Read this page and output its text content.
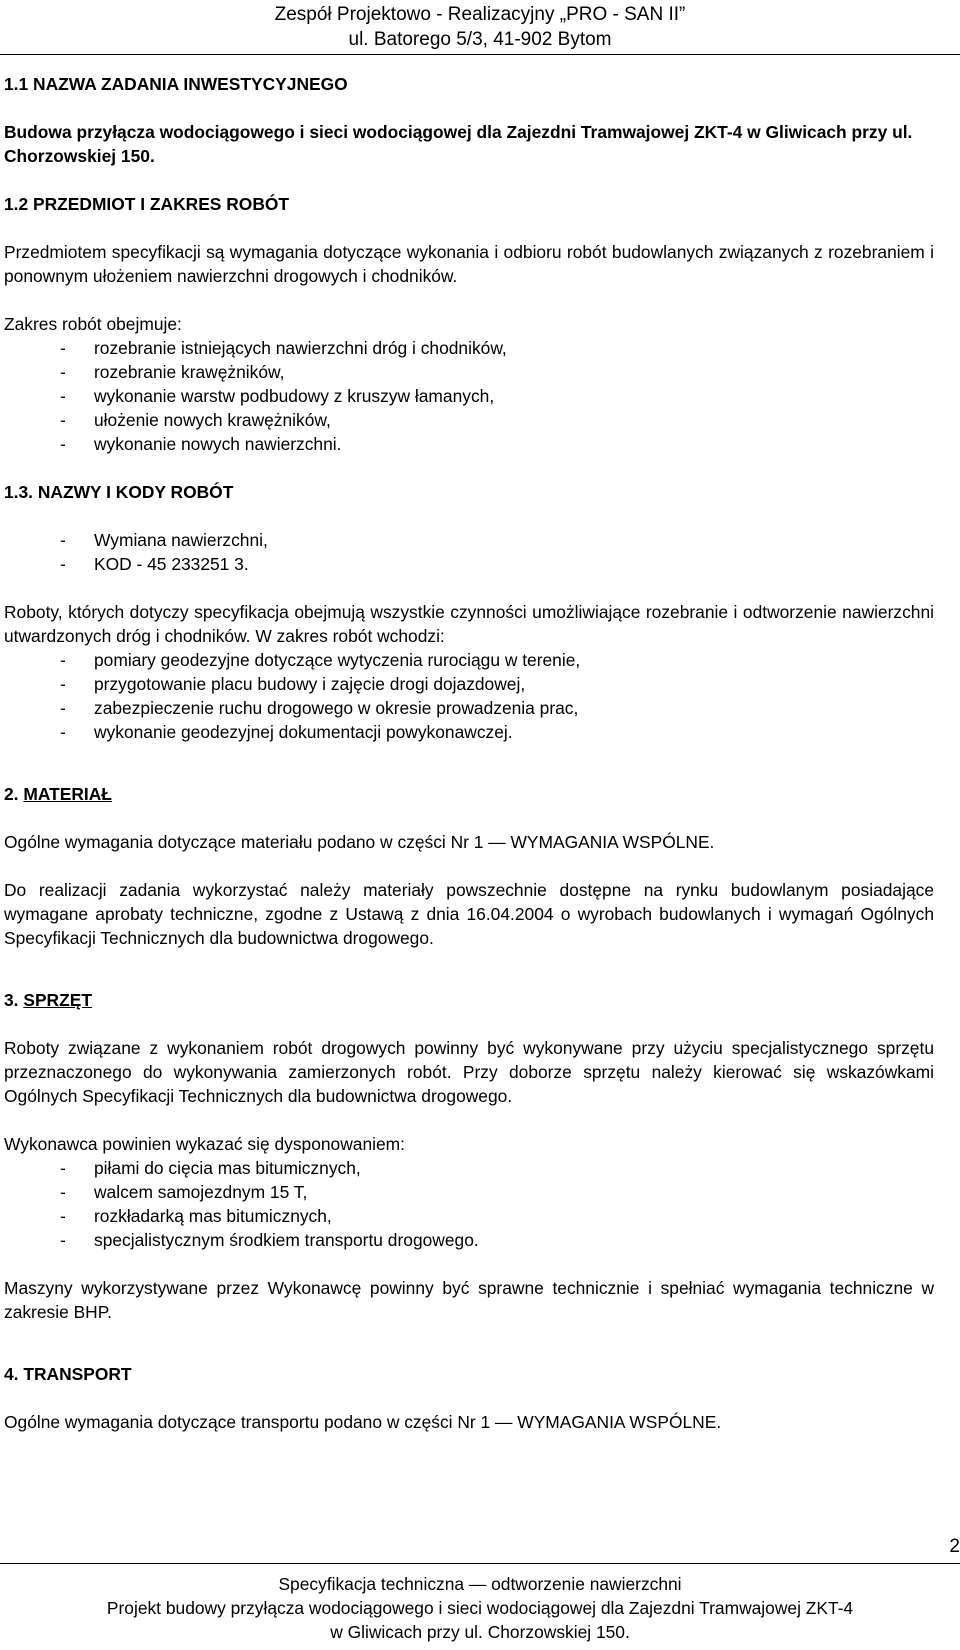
Zespół Projektowo - Realizacyjny „PRO - SAN II”
ul. Batorego 5/3, 41-902 Bytom

1.1 NAZWA ZADANIA INWESTYCYJNEGO

Budowa przyłącza wodociągowego i sieci wodociągowej dla Zajezdni Tramwajowej ZKT-4 w Gliwicach przy ul. Chorzowskiej 150.

1.2 PRZEDMIOT I ZAKRES ROBÓT

Przedmiotem specyfikacji są wymagania dotyczące wykonania i odbioru robót budowlanych związanych z rozebraniem i ponownym ułożeniem nawierzchni drogowych i chodników.

Zakres robót obejmuje:

- rozebranie istniejących nawierzchni dróg i chodników,
- rozebranie krawężników,
- wykonanie warstw podbudowy z kruszyw łamanych,
- ułożenie nowych krawężników,
- wykonanie nowych nawierzchni.

1.3. NAZWY I KODY ROBÓT

- Wymiana nawierzchni,
- KOD - 45 233251 3.

Roboty, których dotyczy specyfikacja obejmują wszystkie czynności umożliwiające rozebranie i odtworzenie nawierzchni utwardzonych dróg i chodników. W zakres robót wchodzi:

- pomiary geodezyjne dotyczące wytyczenia rurociągu w terenie,
- przygotowanie placu budowy i zajęcie drogi dojazdowej,
- zabezpieczenie ruchu drogowego w okresie prowadzenia prac,
- wykonanie geodezyjnej dokumentacji powykonawczej.

2. MATERIAŁ

Ogólne wymagania dotyczące materiału podano w części Nr 1 — WYMAGANIA WSPÓLNE.

Do realizacji zadania wykorzystać należy materiały powszechnie dostępne na rynku budowlanym posiadające wymagane aprobaty techniczne, zgodne z Ustawą z dnia 16.04.2004 o wyrobach budowlanych i wymagań Ogólnych Specyfikacji Technicznych dla budownictwa drogowego.

3. SPRZĘT

Roboty związane z wykonaniem robót drogowych powinny być wykonywane przy użyciu specjalistycznego sprzętu przeznaczonego do wykonywania zamierzonych robót. Przy doborze sprzętu należy kierować się wskazówkami Ogólnych Specyfikacji Technicznych dla budownictwa drogowego.

Wykonawca powinien wykazać się dysponowaniem:

- piłami do cięcia mas bitumicznych,
- walcem samojezdnym 15 T,
- rozkładarką mas bitumicznych,
- specjalistycznym środkiem transportu drogowego.

Maszyny wykorzystywane przez Wykonawcę powinny być sprawne technicznie i spełniać wymagania techniczne w zakresie BHP.

4. TRANSPORT

Ogólne wymagania dotyczące transportu podano w części Nr 1 — WYMAGANIA WSPÓLNE.

2
Specyfikacja techniczna — odtworzenie nawierzchni
Projekt budowy przyłącza wodociągowego i sieci wodociągowej dla Zajezdni Tramwajowej ZKT-4
w Gliwicach przy ul. Chorzowskiej 150.
